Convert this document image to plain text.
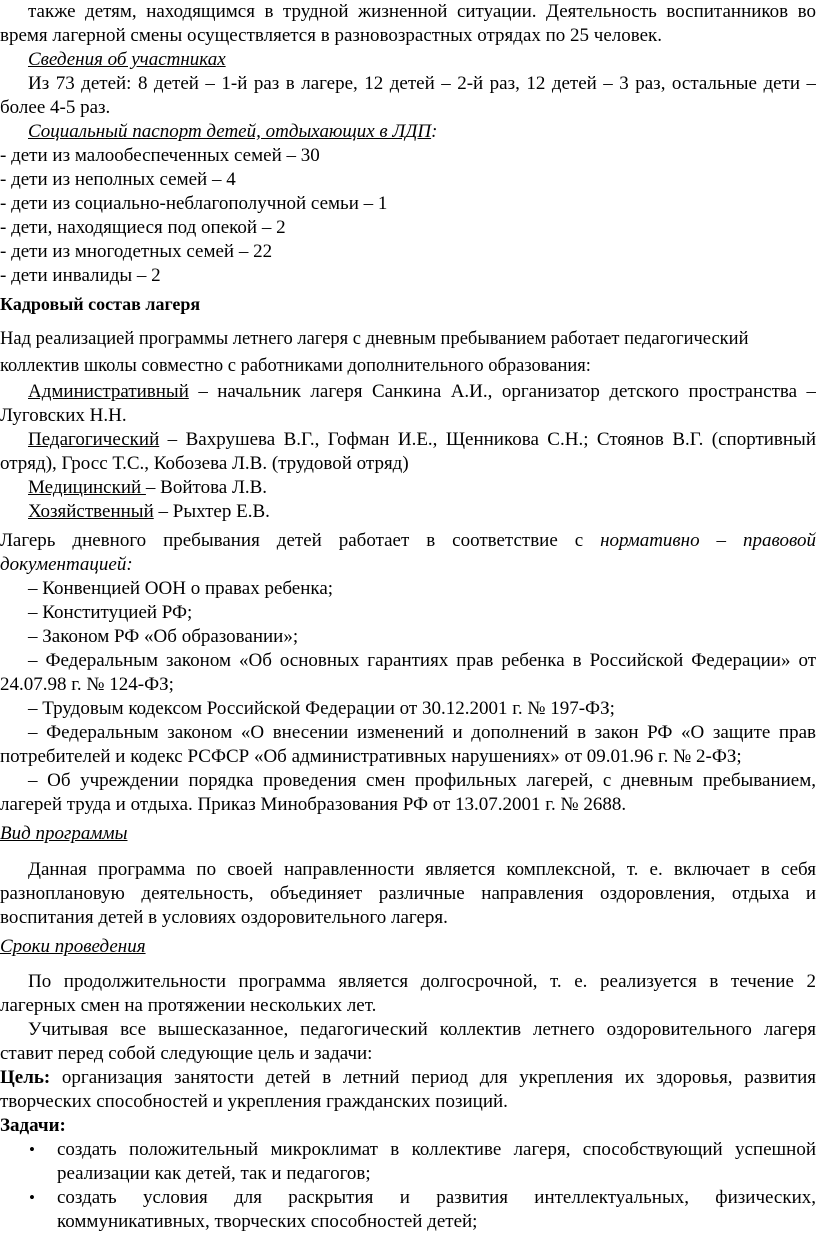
также детям, находящимся в трудной жизненной ситуации. Деятельность воспитанников во
время лагерной смены осуществляется в разновозрастных отрядах по 25 человек.
Сведения об участниках
Из 73 детей: 8 детей – 1-й раз в лагере, 12 детей – 2-й раз, 12 детей – 3 раз, остальные дети –
более 4-5 раз.
Социальный паспорт детей, отдыхающих в ЛДП:
- дети из малообеспеченных семей – 30
- дети из неполных семей – 4
- дети из социально-неблагополучной семьи – 1
- дети, находящиеся под опекой – 2
- дети из многодетных семей – 22
- дети инвалиды – 2
Кадровый состав лагеря
Над реализацией программы летнего лагеря с дневным пребыванием работает педагогический
коллектив школы совместно с работниками дополнительного образования:
Административный – начальник лагеря Санкина А.И., организатор детского пространства –
Луговских Н.Н.
Педагогический – Вахрушева В.Г., Гофман И.Е., Щенникова С.Н.; Стоянов В.Г. (спортивный
отряд), Гросс Т.С., Кобозева Л.В. (трудовой отряд)
Медицинский – Войтова Л.В.
Хозяйственный – Рыхтер Е.В.
Лагерь дневного пребывания детей работает в соответствие с нормативно – правовой
документацией:
– Конвенцией ООН о правах ребенка;
– Конституцией РФ;
– Законом РФ «Об образовании»;
– Федеральным законом «Об основных гарантиях прав ребенка в Российской Федерации» от
24.07.98 г. № 124-ФЗ;
– Трудовым кодексом Российской Федерации от 30.12.2001 г. № 197-ФЗ;
– Федеральным законом «О внесении изменений и дополнений в закон РФ «О защите прав
потребителей и кодекс РСФСР «Об административных нарушениях» от 09.01.96 г. № 2-ФЗ;
– Об учреждении порядка проведения смен профильных лагерей, с дневным пребыванием,
лагерей труда и отдыха. Приказ Минобразования РФ от 13.07.2001 г. № 2688.
Вид программы
Данная программа по своей направленности является комплексной, т. е. включает в себя
разноплановую деятельность, объединяет различные направления оздоровления, отдыха и
воспитания детей в условиях оздоровительного лагеря.
Сроки проведения
По продолжительности программа является долгосрочной, т. е. реализуется в течение 2
лагерных смен на протяжении нескольких лет.
Учитывая все вышесказанное, педагогический коллектив летнего оздоровительного лагеря
ставит перед собой следующие цель и задачи:
Цель: организация занятости детей в летний период для укрепления их здоровья, развития
творческих способностей и укрепления гражданских позиций.
Задачи:
• создать положительный микроклимат в коллективе лагеря, способствующий успешной
реализации как детей, так и педагогов;
• создать условия для раскрытия и развития интеллектуальных, физических,
коммуникативных, творческих способностей детей;
